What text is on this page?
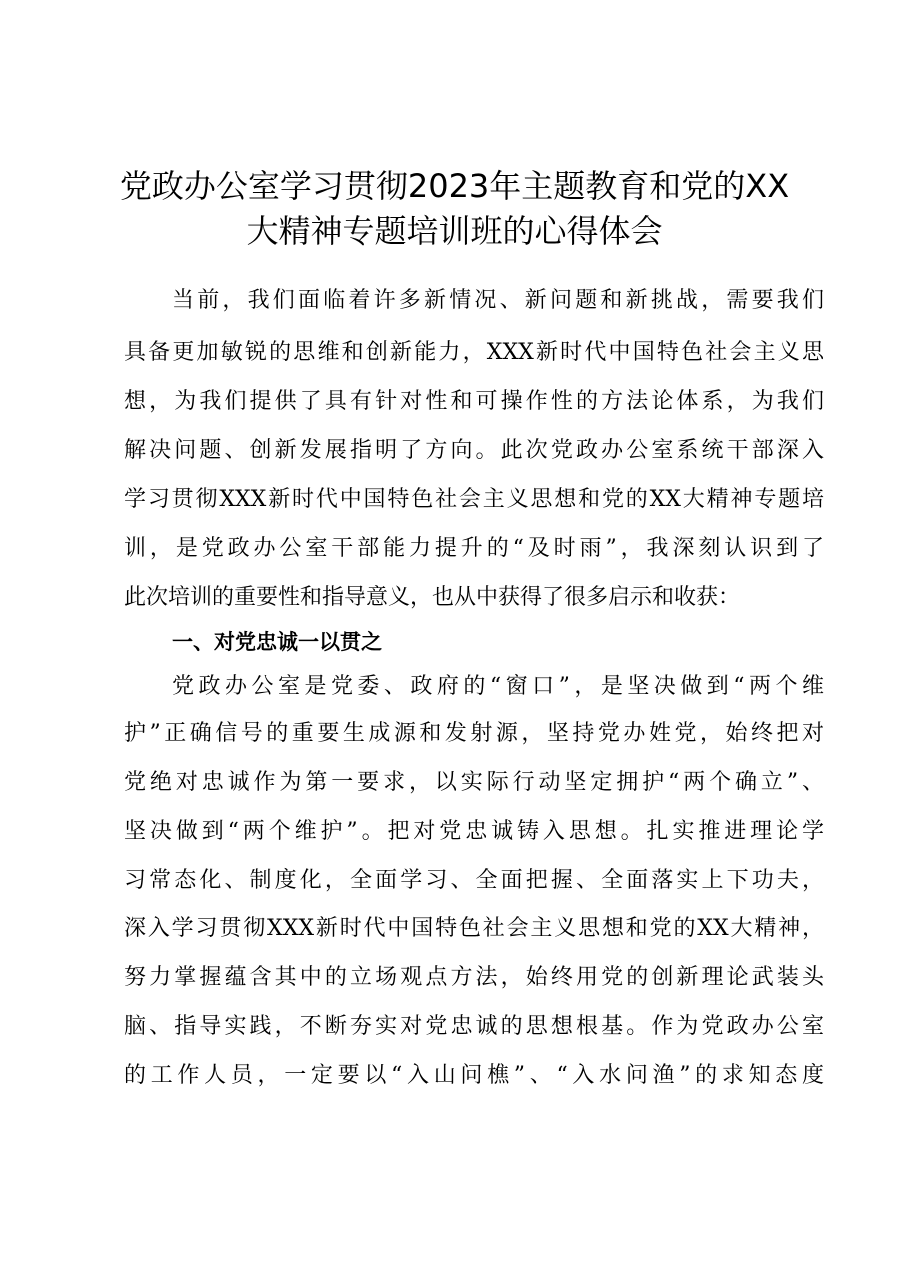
党政办公室学习贯彻2023年主题教育和党的XX
大精神专题培训班的心得体会
当前，我们面临着许多新情况、新问题和新挑战，需要我们
具备更加敏锐的思维和创新能力，XXX新时代中国特色社会主义思
想，为我们提供了具有针对性和可操作性的方法论体系，为我们
解决问题、创新发展指明了方向。此次党政办公室系统干部深入
学习贯彻XXX新时代中国特色社会主义思想和党的XX大精神专题培
训，是党政办公室干部能力提升的“及时雨”，我深刻认识到了
此次培训的重要性和指导意义，也从中获得了很多启示和收获：
一、对党忠诚一以贯之
党政办公室是党委、政府的“窗口”，是坚决做到“两个维
护”正确信号的重要生成源和发射源，坚持党办姓党，始终把对
党绝对忠诚作为第一要求，以实际行动坚定拥护“两个确立”、
坚决做到“两个维护”。把对党忠诚铸入思想。扎实推进理论学
习常态化、制度化，全面学习、全面把握、全面落实上下功夫，
深入学习贯彻XXX新时代中国特色社会主义思想和党的XX大精神，
努力掌握蕴含其中的立场观点方法，始终用党的创新理论武装头
脑、指导实践，不断夯实对党忠诚的思想根基。作为党政办公室
的工作人员，一定要以“入山问樵”、“入水问渔”的求知态度
